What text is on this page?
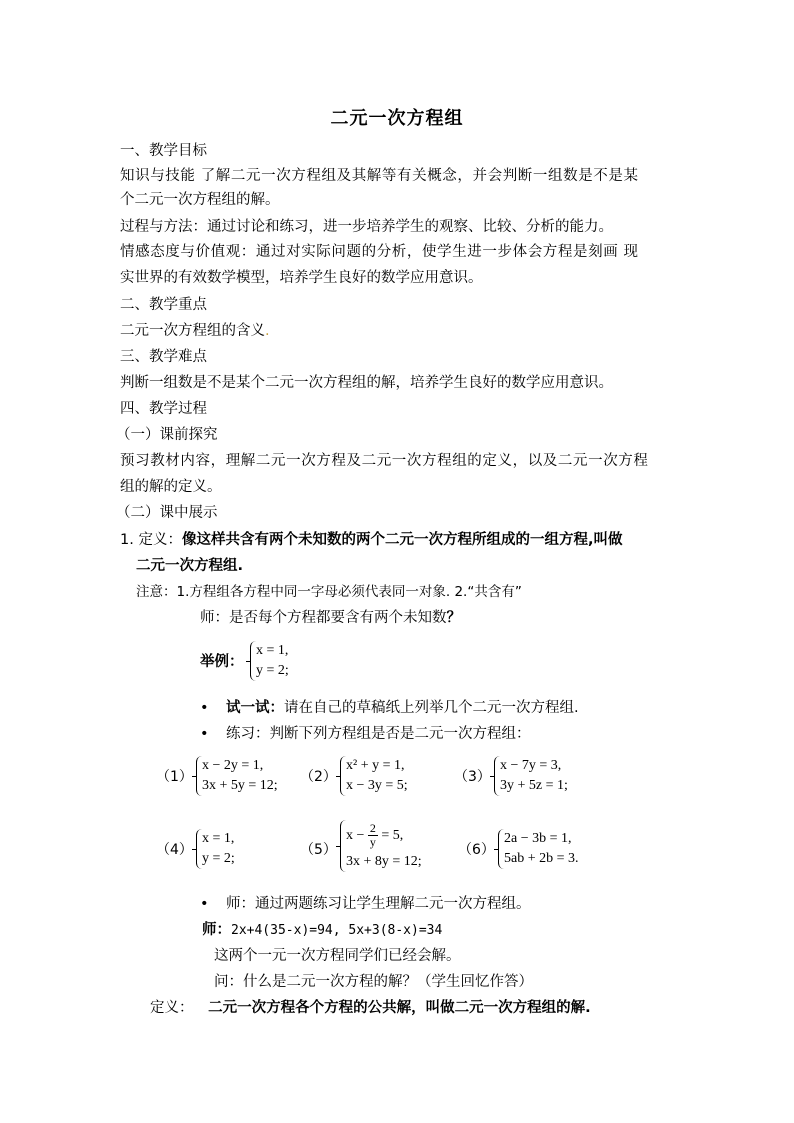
二元一次方程组
一、教学目标
知识与技能 了解二元一次方程组及其解等有关概念，并会判断一组数是不是某
个二元一次方程组的解。
过程与方法：通过讨论和练习，进一步培养学生的观察、比较、分析的能力。
情感态度与价值观：通过对实际问题的分析，使学生进一步体会方程是刻画 现
实世界的有效数学模型，培养学生良好的数学应用意识。
二、教学重点
二元一次方程组的含义.
三、教学难点
判断一组数是不是某个二元一次方程组的解，培养学生良好的数学应用意识。
四、教学过程
（一）课前探究
预习教材内容，理解二元一次方程及二元一次方程组的定义，以及二元一次方程
组的解的定义。
（二）课中展示
1. 定义：像这样共含有两个未知数的两个二元一次方程所组成的一组方程,叫做
二元一次方程组.
注意：1.方程组各方程中同一字母必须代表同一对象. 2.“共含有”
师：是否每个方程都要含有两个未知数？
举例：
x = 1,
y = 2;
• 试一试：请在自己的草稿纸上列举几个二元一次方程组.
• 练习：判断下列方程组是否是二元一次方程组：
（1）
x − 2y = 1,
3x + 5y = 12;
（2）
x² + y = 1,
x − 3y = 5;
（3）
x − 7y = 3,
3y + 5z = 1;
（4）
x = 1,
y = 2;
（5）
$x - \frac{2}{y} = 5$,
3x + 8y = 12;
（6）
2a − 3b = 1,
5ab + 2b = 3.
• 师：通过两题练习让学生理解二元一次方程组。
师：2x+4(35-x)=94, 5x+3(8-x)=34
这两个一元一次方程同学们已经会解。
问：什么是二元一次方程的解？（学生回忆作答）
定义： 二元一次方程各个方程的公共解，叫做二元一次方程组的解.
